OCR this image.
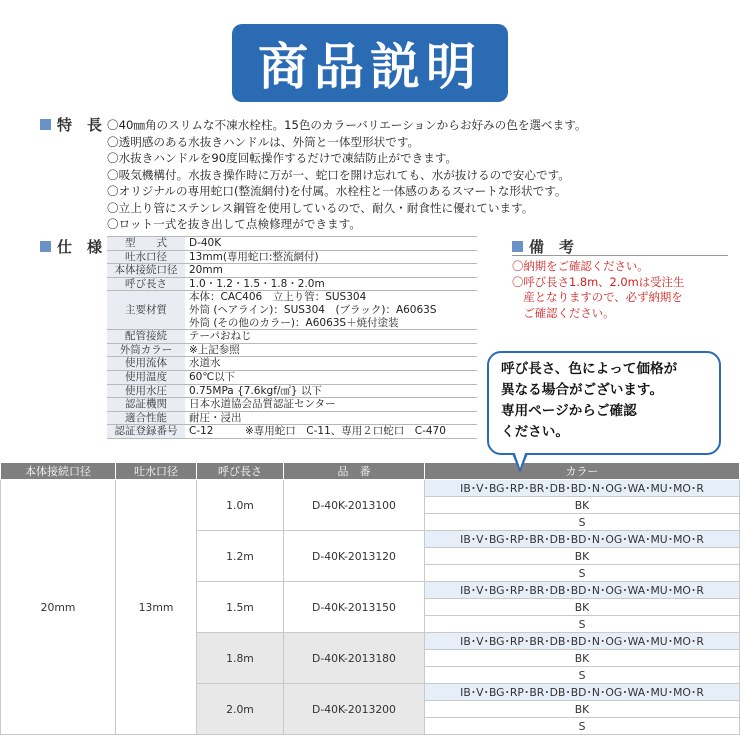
商品説明
特　長 〇40㎜角のスリムな不凍水栓柱。15色のカラーバリエーションからお好みの色を選べます。
〇透明感のある水抜きハンドルは、外筒と一体型形状です。
〇水抜きハンドルを90度回転操作するだけで凍結防止ができます。
〇吸気機構付。水抜き操作時に万が一、蛇口を開け忘れても、水が抜けるので安心です。
〇オリジナルの専用蛇口(整流網付)を付属。水栓柱と一体感のあるスマートな形状です。
〇立上り管にステンレス鋼管を使用しているので、耐久・耐食性に優れています。
〇ロット一式を抜き出して点検修理ができます。
仕　様 型　　式	D-40K
吐水口径	13mm(専用蛇口:整流網付)
本体接続口径	20mm
呼び長さ	1.0・1.2・1.5・1.8・2.0m
主要材質	本体：CAC406　立上り管：SUS304
外筒 (ヘアライン)：SUS304　(ブラック)：A6063S
外筒 (その他のカラー)：A6063S＋焼付塗装
配管接続	テーパおねじ
外筒カラー	※上記参照
使用流体	水道水
使用温度	60℃以下
使用水圧	0.75MPa {7.6kgf/㎠} 以下
認証機関	日本水道協会品質認証センター
適合性能	耐圧・浸出
認証登録番号	C-12　　　※専用蛇口　C-11、専用２口蛇口　C-470
備　考
〇納期をご確認ください。
〇呼び長さ1.8m、2.0mは受注生
　産となりますので、必ず納期を
　ご確認ください。
本体接続口径	吐水口径	呼び長さ	品　番	カラー
20mm	13mm	1.0m	D-40K-2013100	IB･V･BG･RP･BR･DB･BD･N･OG･WA･MU･MO･R
				BK
				S
		1.2m	D-40K-2013120	IB･V･BG･RP･BR･DB･BD･N･OG･WA･MU･MO･R
				BK
				S
		1.5m	D-40K-2013150	IB･V･BG･RP･BR･DB･BD･N･OG･WA･MU･MO･R
				BK
				S
		1.8m	D-40K-2013180	IB･V･BG･RP･BR･DB･BD･N･OG･WA･MU･MO･R
				BK
				S
		2.0m	D-40K-2013200	IB･V･BG･RP･BR･DB･BD･N･OG･WA･MU･MO･R
				BK
				S
呼び長さ、色によって価格が
異なる場合がございます。
専用ページからご確認
ください。
